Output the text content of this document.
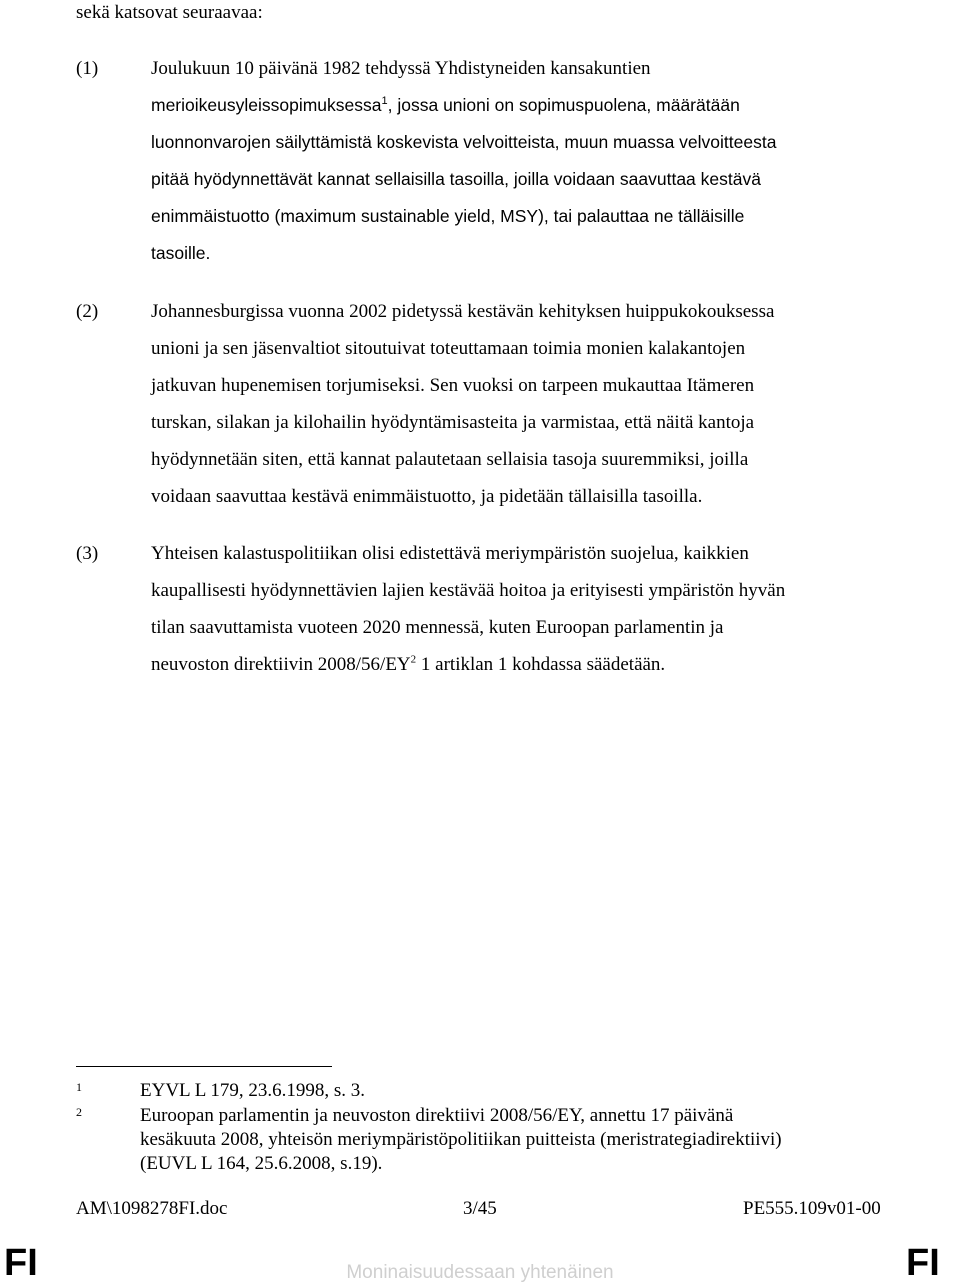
sekä katsovat seuraavaa:
(1)	Joulukuun 10 päivänä 1982 tehdyssä Yhdistyneiden kansakuntien
merioikeusyleissopimuksessa$^1$, jossa unioni on sopimuspuolena, määrätään
luonnonvarojen säilyttämistä koskevista velvoitteista, muun muassa velvoitteesta
pitää hyödynnettävät kannat sellaisilla tasoilla, joilla voidaan saavuttaa kestävä
enimmäistuotto (maximum sustainable yield, MSY), tai palauttaa ne tälläisille
tasoille.
(2)	Johannesburgissa vuonna 2002 pidetyssä kestävän kehityksen huippukokouksessa
unioni ja sen jäsenvaltiot sitoutuivat toteuttamaan toimia monien kalakantojen
jatkuvan hupenemisen torjumiseksi. Sen vuoksi on tarpeen mukauttaa Itämeren
turskan, silakan ja kilohailin hyödyntämisasteita ja varmistaa, että näitä kantoja
hyödynnetään siten, että kannat palautetaan sellaisia tasoja suuremmiksi, joilla
voidaan saavuttaa kestävä enimmäistuotto, ja pidetään tällaisilla tasoilla.
(3)	Yhteisen kalastuspolitiikan olisi edistettävä meriympäristön suojelua, kaikkien
kaupallisesti hyödynnettävien lajien kestävää hoitoa ja erityisesti ympäristön hyvän
tilan saavuttamista vuoteen 2020 mennessä, kuten Euroopan parlamentin ja
neuvoston direktiivin $2008/56/EY^2$ 1 artiklan 1 kohdassa säädetään.
1	EYVL L 179, 23.6.1998, s. 3.
2	Euroopan parlamentin ja neuvoston direktiivi 2008/56/EY, annettu 17 päivänä
kesäkuuta 2008, yhteisön meriympäristöpolitiikan puitteista (meristrategiadirektiivi)
(EUVL L 164, 25.6.2008, s.19).
AM\1098278FI.doc	3/45	PE555.109v01-00
FI	FI
Moninaisuudessaan yhtenäinen
